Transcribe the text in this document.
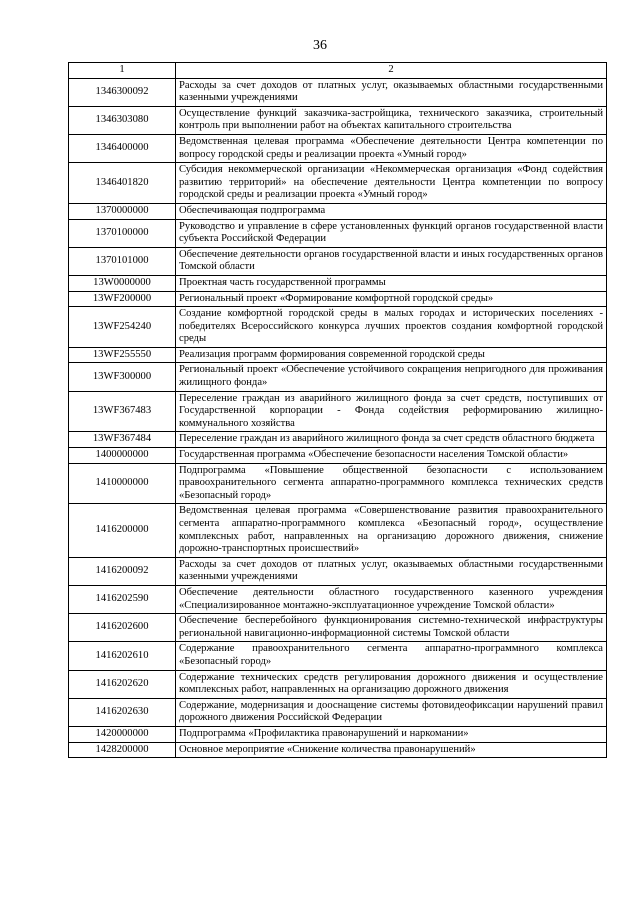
36
1	2
1346300092	Расходы за счет доходов от платных услуг, оказываемых областными государственными казенными учреждениями
1346303080	Осуществление функций заказчика-застройщика, технического заказчика, строительный контроль при выполнении работ на объектах капитального строительства
1346400000	Ведомственная целевая программа «Обеспечение деятельности Центра компетенции по вопросу городской среды и реализации проекта «Умный город»
1346401820	Субсидия некоммерческой организации «Некоммерческая организация «Фонд содействия развитию территорий» на обеспечение деятельности Центра компетенции по вопросу городской среды и реализации проекта «Умный город»
1370000000	Обеспечивающая подпрограмма
1370100000	Руководство и управление в сфере установленных функций органов государственной власти субъекта Российской Федерации
1370101000	Обеспечение деятельности органов государственной власти и иных государственных органов Томской области
13W0000000	Проектная часть государственной программы
13WF200000	Региональный проект «Формирование комфортной городской среды»
13WF254240	Создание комфортной городской среды в малых городах и исторических поселениях - победителях Всероссийского конкурса лучших проектов создания комфортной городской среды
13WF255550	Реализация программ формирования современной городской среды
13WF300000	Региональный проект «Обеспечение устойчивого сокращения непригодного для проживания жилищного фонда»
13WF367483	Переселение граждан из аварийного жилищного фонда за счет средств, поступивших от Государственной корпорации - Фонда содействия реформированию жилищно-коммунального хозяйства
13WF367484	Переселение граждан из аварийного жилищного фонда за счет средств областного бюджета
1400000000	Государственная программа «Обеспечение безопасности населения Томской области»
1410000000	Подпрограмма «Повышение общественной безопасности с использованием правоохранительного сегмента аппаратно-программного комплекса технических средств «Безопасный город»
1416200000	Ведомственная целевая программа «Совершенствование развития правоохранительного сегмента аппаратно-программного комплекса «Безопасный город», осуществление комплексных работ, направленных на организацию дорожного движения, снижение дорожно-транспортных происшествий»
1416200092	Расходы за счет доходов от платных услуг, оказываемых областными государственными казенными учреждениями
1416202590	Обеспечение деятельности областного государственного казенного учреждения «Специализированное монтажно-эксплуатационное учреждение Томской области»
1416202600	Обеспечение бесперебойного функционирования системно-технической инфраструктуры региональной навигационно-информационной системы Томской области
1416202610	Содержание правоохранительного сегмента аппаратно-программного комплекса «Безопасный город»
1416202620	Содержание технических средств регулирования дорожного движения и осуществление комплексных работ, направленных на организацию дорожного движения
1416202630	Содержание, модернизация и дооснащение системы фотовидеофиксации нарушений правил дорожного движения Российской Федерации
1420000000	Подпрограмма «Профилактика правонарушений и наркомании»
1428200000	Основное мероприятие «Снижение количества правонарушений»
